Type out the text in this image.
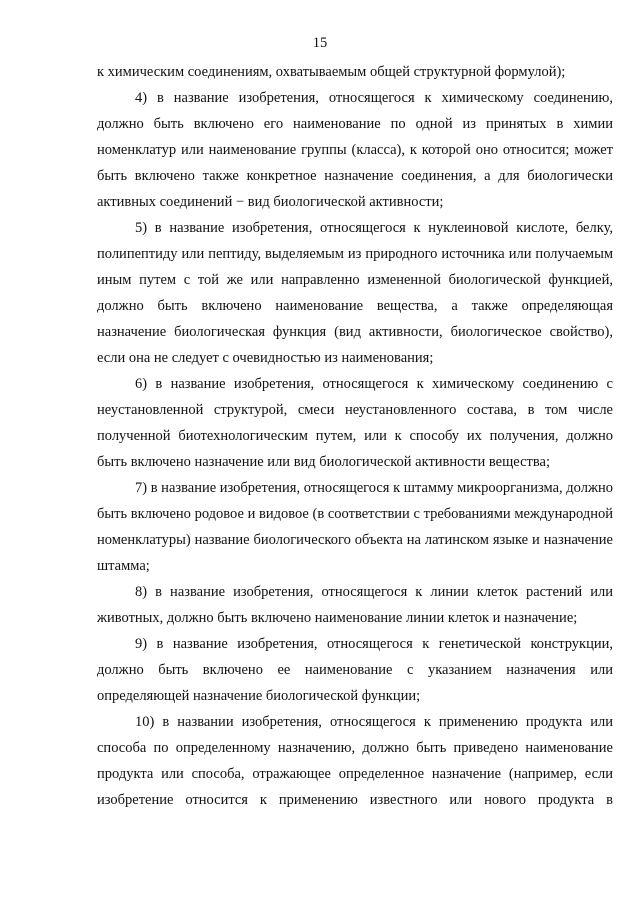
15

к химическим соединениям, охватываемым общей структурной формулой);

4) в название изобретения, относящегося к химическому соединению, должно быть включено его наименование по одной из принятых в химии номенклатур или наименование группы (класса), к которой оно относится; может быть включено также конкретное назначение соединения, а для биологически активных соединений − вид биологической активности;

5) в название изобретения, относящегося к нуклеиновой кислоте, белку, полипептиду или пептиду, выделяемым из природного источника или получаемым иным путем с той же или направленно измененной биологической функцией, должно быть включено наименование вещества, а также определяющая назначение биологическая функция (вид активности, биологическое свойство), если она не следует с очевидностью из наименования;

6) в название изобретения, относящегося к химическому соединению с неустановленной структурой, смеси неустановленного состава, в том числе полученной биотехнологическим путем, или к способу их получения, должно быть включено назначение или вид биологической активности вещества;

7) в название изобретения, относящегося к штамму микроорганизма, должно быть включено родовое и видовое (в соответствии с требованиями международной номенклатуры) название биологического объекта на латинском языке и назначение штамма;

8) в название изобретения, относящегося к линии клеток растений или животных, должно быть включено наименование линии клеток и назначение;

9) в название изобретения, относящегося к генетической конструкции, должно быть включено ее наименование с указанием назначения или определяющей назначение биологической функции;

10) в названии изобретения, относящегося к применению продукта или способа по определенному назначению, должно быть приведено наименование продукта или способа, отражающее определенное назначение (например, если изобретение относится к применению известного или нового продукта в
